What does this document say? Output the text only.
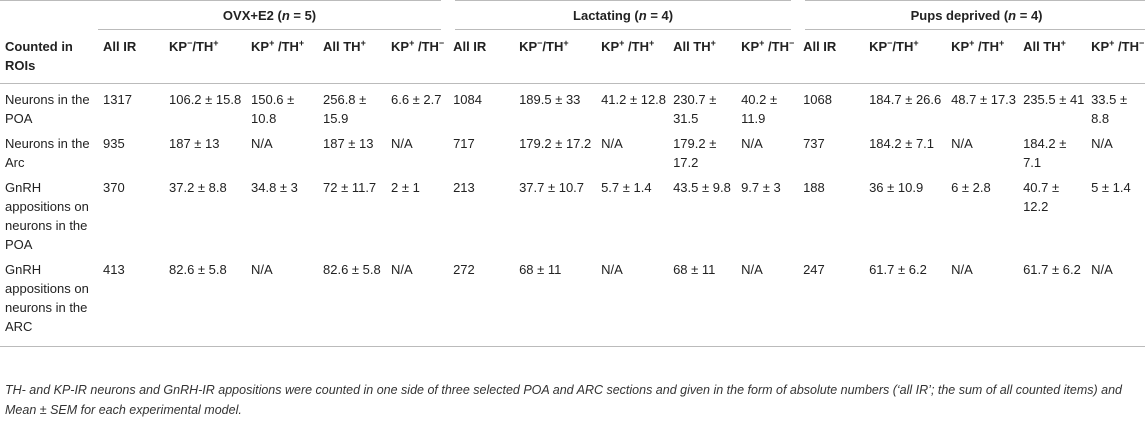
	OVX+E2 (n = 5)					Lactating (n = 4)					Pups deprived (n = 4)				
Counted in ROIs	All IR	KP−/TH+	KP+ /TH+	All TH+	KP+ /TH−	All IR	KP−/TH+	KP+ /TH+	All TH+	KP+ /TH−	All IR	KP−/TH+	KP+ /TH+	All TH+	KP+ /TH−
Neurons in the POA	1317	106.2 ± 15.8	150.6 ± 10.8	256.8 ± 15.9	6.6 ± 2.7	1084	189.5 ± 33	41.2 ± 12.8	230.7 ± 31.5	40.2 ± 11.9	1068	184.7 ± 26.6	48.7 ± 17.3	235.5 ± 41	33.5 ± 8.8
Neurons in the Arc	935	187 ± 13	N/A	187 ± 13	N/A	717	179.2 ± 17.2	N/A	179.2 ± 17.2	N/A	737	184.2 ± 7.1	N/A	184.2 ± 7.1	N/A
GnRH appositions on neurons in the POA	370	37.2 ± 8.8	34.8 ± 3	72 ± 11.7	2 ± 1	213	37.7 ± 10.7	5.7 ± 1.4	43.5 ± 9.8	9.7 ± 3	188	36 ± 10.9	6 ± 2.8	40.7 ± 12.2	5 ± 1.4
GnRH appositions on neurons in the ARC	413	82.6 ± 5.8	N/A	82.6 ± 5.8	N/A	272	68 ± 11	N/A	68 ± 11	N/A	247	61.7 ± 6.2	N/A	61.7 ± 6.2	N/A
TH- and KP-IR neurons and GnRH-IR appositions were counted in one side of three selected POA and ARC sections and given in the form of absolute numbers (‘all IR’; the sum of all counted items) and Mean ± SEM for each experimental model.
